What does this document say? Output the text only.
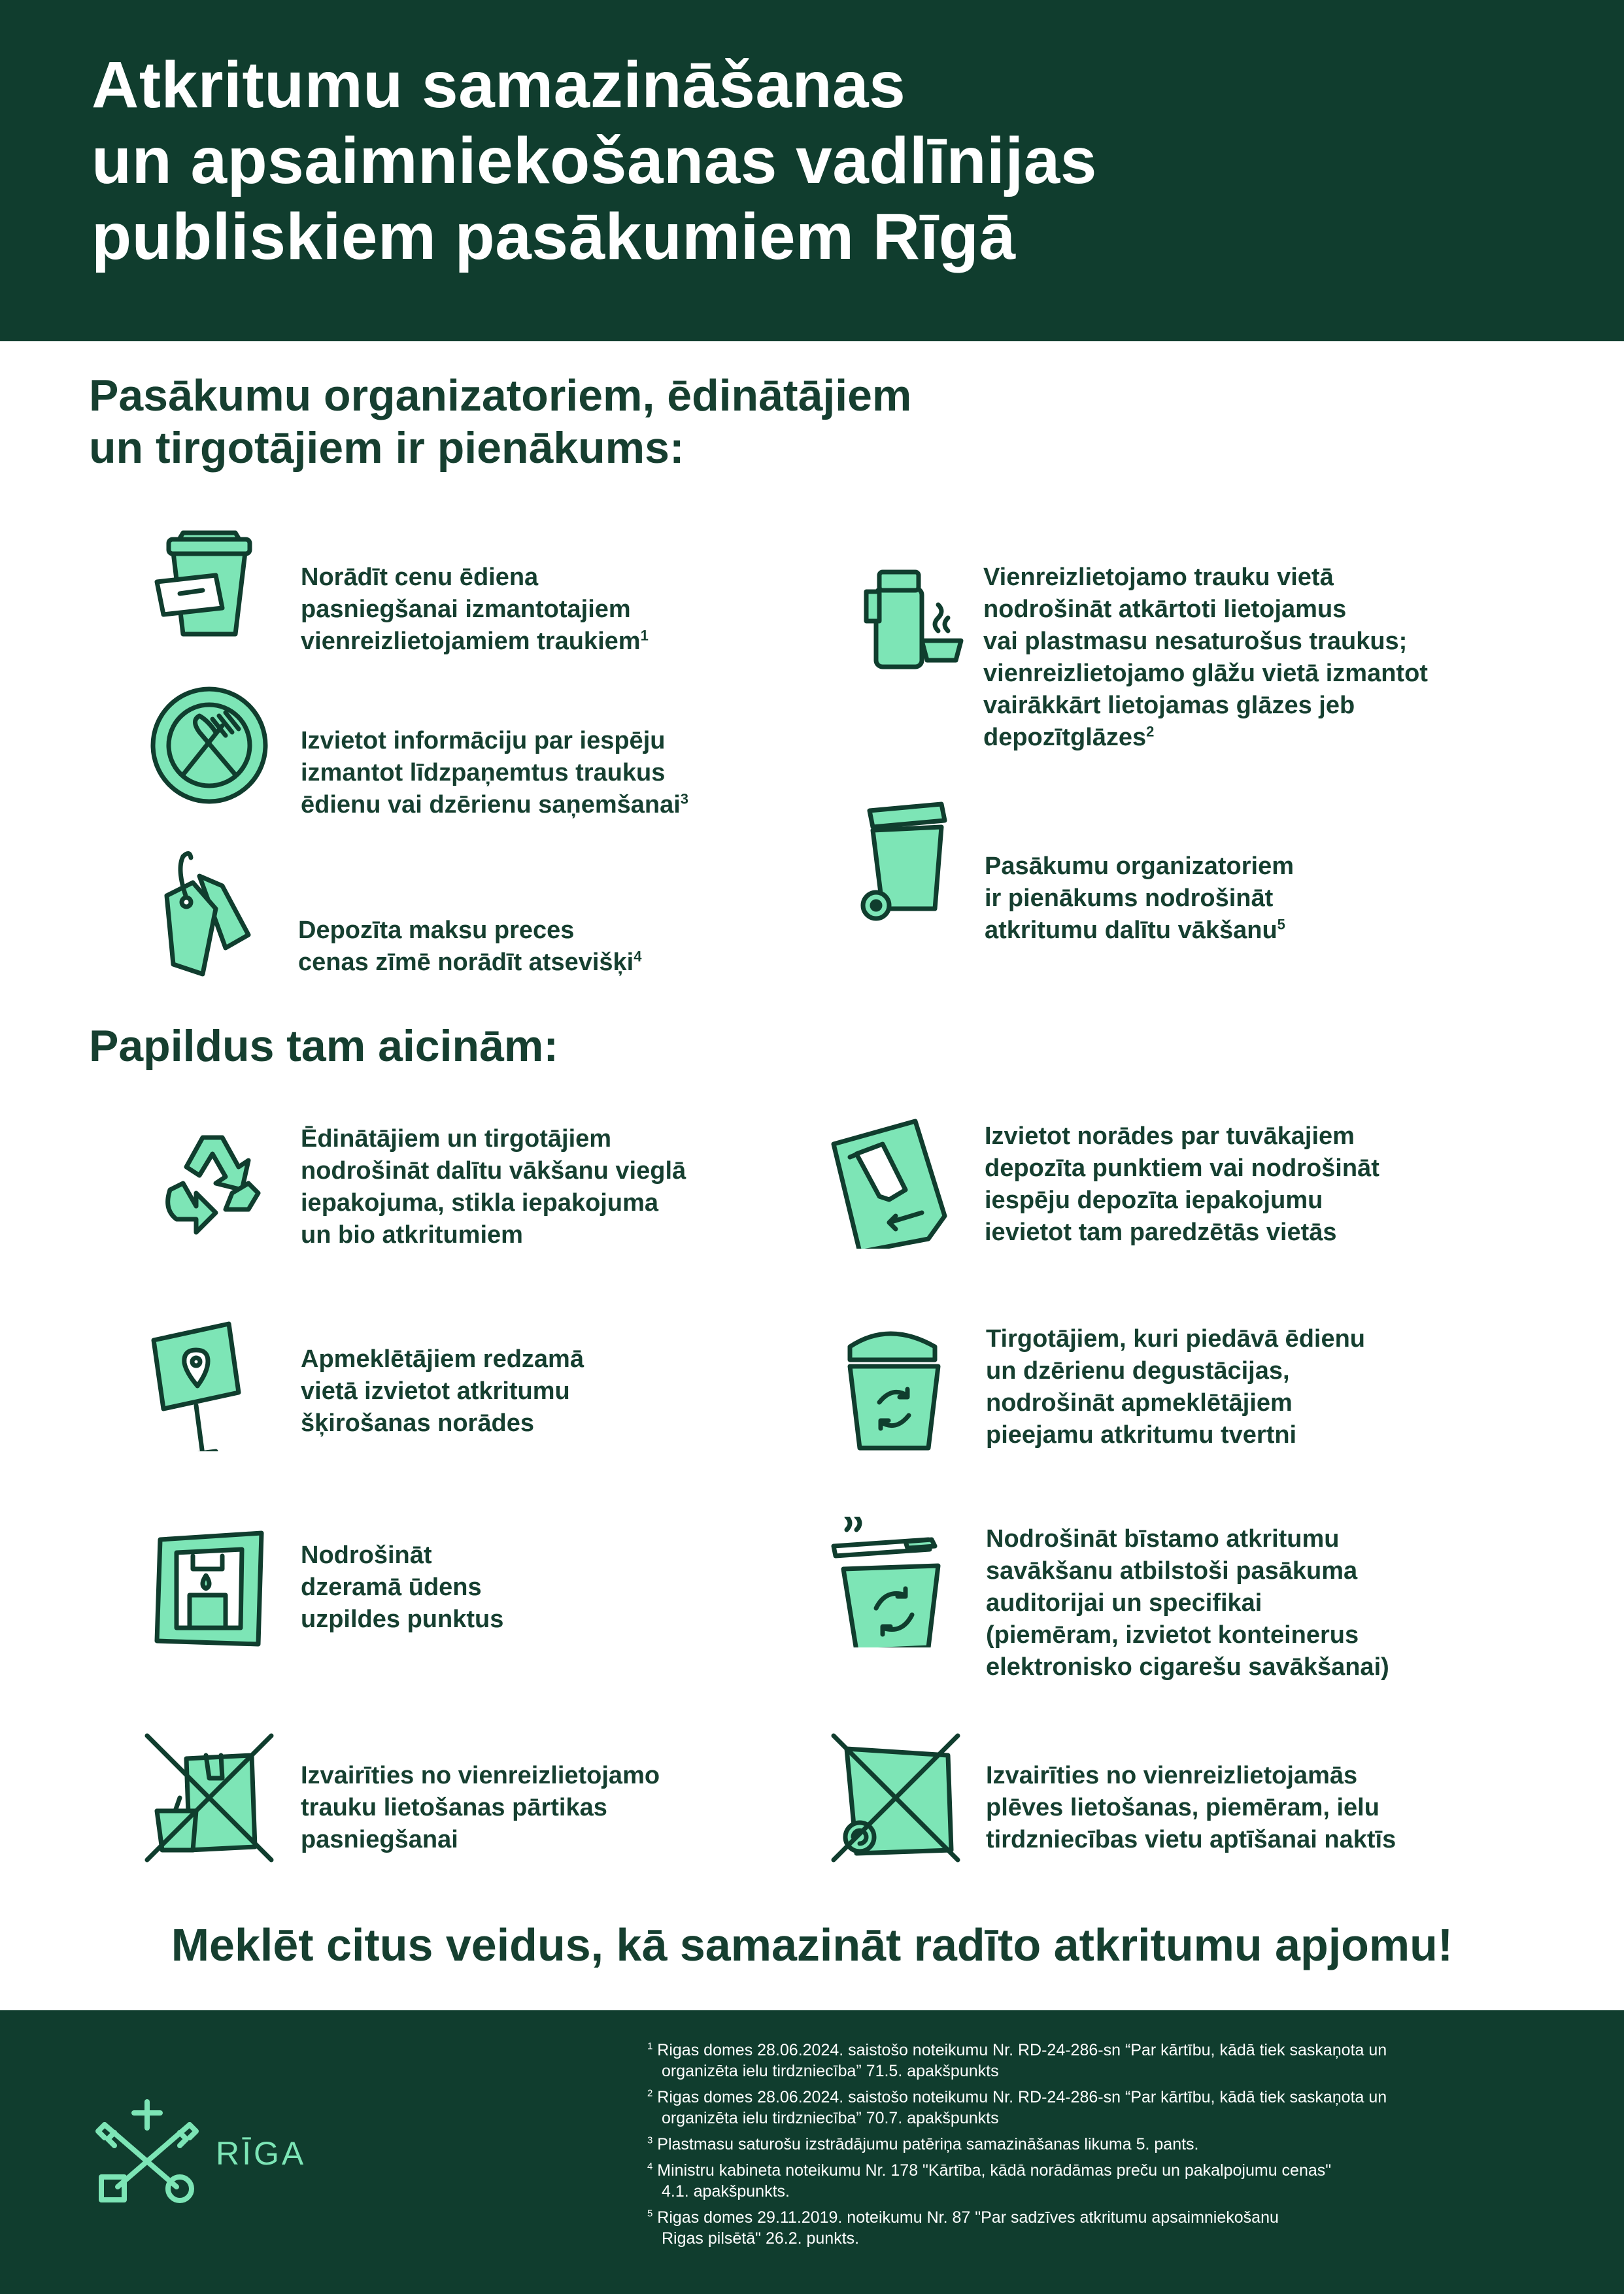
Atkritumu samazināšanas
un apsaimniekošanas vadlīnijas
publiskiem pasākumiem Rīgā
Pasākumu organizatoriem, ēdinātājiem
un tirgotājiem ir pienākums:

Norādīt cenu ēdiena
pasniegšanai izmantotajiem
vienreizlietojamiem traukiem$^1$

Izvietot informāciju par iespēju
izmantot līdzpaņemtus traukus
ēdienu vai dzērienu saņemšanai$^3$

Depozīta maksu preces
cenas zīmē norādīt atsevišķi$^4$

Vienreizlietojamo trauku vietā
nodrošināt atkārtoti lietojamus
vai plastmasu nesaturošus traukus;
vienreizlietojamo glāžu vietā izmantot
vairākkārt lietojamas glāzes jeb
depozītglāzes$^2$

Pasākumu organizatoriem
ir pienākums nodrošināt
atkritumu dalītu vākšanu$^5$

Papildus tam aicinām:
Ēdinātājiem un tirgotājiem
nodrošināt dalītu vākšanu vieglā
iepakojuma, stikla iepakojuma
un bio atkritumiem
Apmeklētājiem redzamā
vietā izvietot atkritumu
šķirošanas norādes
Nodrošināt
dzeramā ūdens
uzpildes punktus
Izvairīties no vienreizlietojamo
trauku lietošanas pārtikas
pasniegšanai
Izvietot norādes par tuvākajiem
depozīta punktiem vai nodrošināt
iespēju depozīta iepakojumu
ievietot tam paredzētās vietās
Tirgotājiem, kuri piedāvā ēdienu
un dzērienu degustācijas,
nodrošināt apmeklētājiem
pieejamu atkritumu tvertni
Nodrošināt bīstamo atkritumu
savākšanu atbilstoši pasākuma
auditorijai un specifikai
(piemēram, izvietot konteinerus
elektronisko cigarešu savākšanai)
Izvairīties no vienreizlietojamās
plēves lietošanas, piemēram, ielu
tirdzniecības vietu aptīšanai naktīs
Meklēt citus veidus, kā samazināt radīto atkritumu apjomu!
RĪGA

$^1$ Rigas domes 28.06.2024. saistošo noteikumu Nr. RD-24-286-sn “Par kārtību, kādā tiek saskaņota un
organizēta ielu tirdzniecība” 71.5. apakšpunkts

$^2$ Rigas domes 28.06.2024. saistošo noteikumu Nr. RD-24-286-sn “Par kārtību, kādā tiek saskaņota un
organizēta ielu tirdzniecība” 70.7. apakšpunkts

$^3$ Plastmasu saturošu izstrādājumu patēriņa samazināšanas likuma 5. pants.

$^4$ Ministru kabineta noteikumu Nr. 178 "Kārtība, kādā norādāmas preču un pakalpojumu cenas"
4.1. apakšpunkts.

$^5$ Rigas domes 29.11.2019. noteikumu Nr. 87 "Par sadzīves atkritumu apsaimniekošanu
Rigas pilsētā" 26.2. punkts.
